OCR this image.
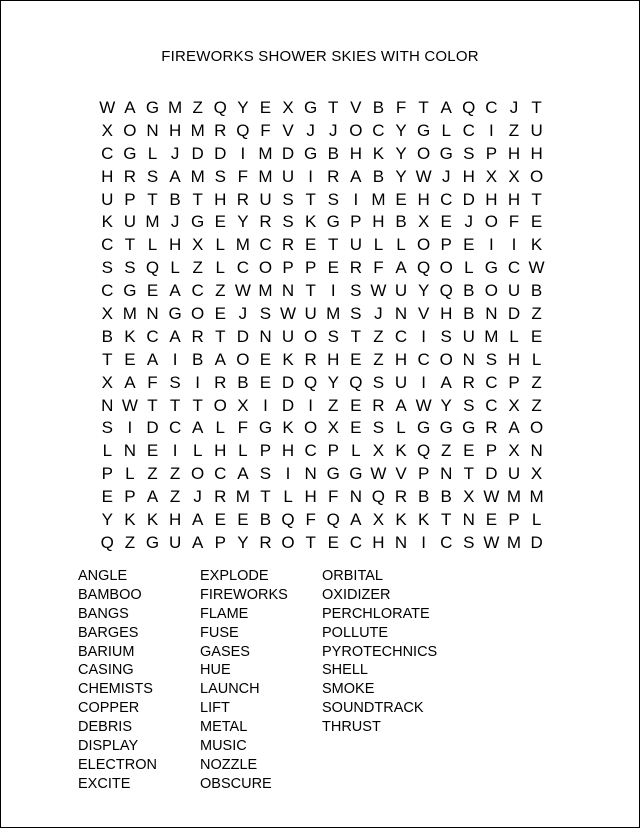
FIREWORKS SHOWER SKIES WITH COLOR
W A G M Z Q Y E X G T V B F T A Q C J T
X O N H M R Q F V J J O C Y G L C I Z U
C G L J D D I M D G B H K Y O G S P H H
H R S A M S F M U I R A B Y W J H X X O
U P T B T H R U S T S I M E H C D H H T
K U M J G E Y R S K G P H B X E J O F E
C T L H X L M C R E T U L L O P E I	I K
S S Q L Z L C O P P E R F A Q O L G C W
C G E A C Z W M N T I S W U Y Q B O U B
X M N G O E J S W U M S J N V H B N D Z
B K C A R T D N U O S T Z C I S U M L E
T E A I B A O E K R H E Z H C O N S H L
X A F S I R B E D Q Y Q S U I A R C P Z
N W T T T O X I D I Z E R A W Y S C X Z
S I D C A L F G K O X E S L G G G R A O
L N E I L H L P H C P L X K Q Z E P X N
P L Z Z O C A S I N G G W V P N T D U X
E P A Z J R M T L H F N Q R B B X W M M
Y K K H A E E B Q F Q A X K K T N E P L
Q Z G U A P Y R O T E C H N I C S W M D
ANGLE
BAMBOO
BANGS
BARGES
BARIUM
CASING
CHEMISTS
COPPER
DEBRIS
DISPLAY
ELECTRON
EXCITE
EXPLODE
FIREWORKS
FLAME
FUSE
GASES
HUE
LAUNCH
LIFT
METAL
MUSIC
NOZZLE
OBSCURE
ORBITAL
OXIDIZER
PERCHLORATE
POLLUTE
PYROTECHNICS
SHELL
SMOKE
SOUNDTRACK
THRUST
